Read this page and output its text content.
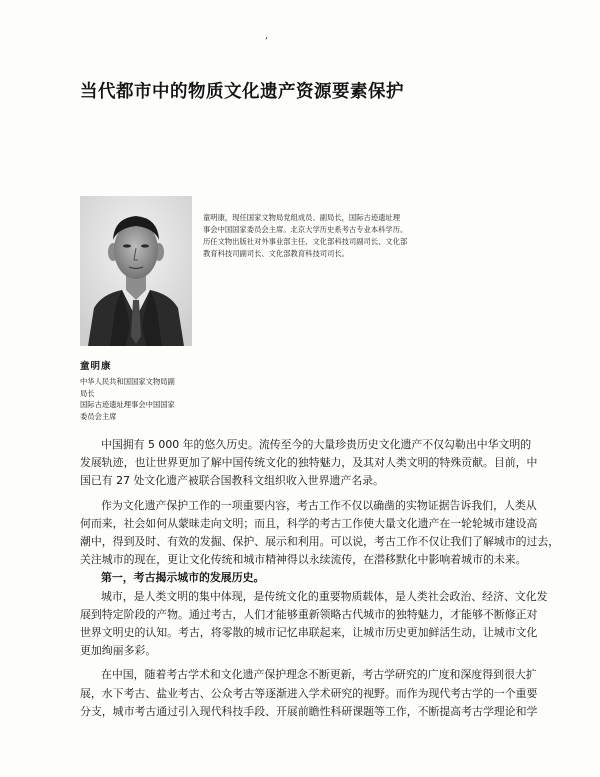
‚
当代都市中的物质文化遗产资源要素保护

童明康，现任国家文物局党组成员、副局长，国际古迹遗址理

事会中国国家委员会主席。北京大学历史系考古专业本科学历。

历任文物出版社对外事业部主任、文化部科技司副司长、文化部

教育科技司副司长、文化部教育科技司司长。

童明康

中华人民共和国国家文物局副

局长

国际古迹遗址理事会中国国家

委员会主席

中国拥有 5 000 年的悠久历史。流传至今的大量珍贵历史文化遗产不仅勾勒出中华文明的

发展轨迹，也让世界更加了解中国传统文化的独特魅力，及其对人类文明的特殊贡献。目前，中

国已有 27 处文化遗产被联合国教科文组织收入世界遗产名录。

作为文化遗产保护工作的一项重要内容，考古工作不仅以确凿的实物证据告诉我们，人类从

何而来，社会如何从蒙昧走向文明；而且，科学的考古工作使大量文化遗产在一轮轮城市建设高

潮中，得到及时、有效的发掘、保护、展示和利用。可以说，考古工作不仅让我们了解城市的过去，

关注城市的现在，更让文化传统和城市精神得以永续流传，在潜移默化中影响着城市的未来。

第一，考古揭示城市的发展历史。

城市，是人类文明的集中体现，是传统文化的重要物质载体，是人类社会政治、经济、文化发

展到特定阶段的产物。通过考古，人们才能够重新领略古代城市的独特魅力，才能够不断修正对

世界文明史的认知。考古，将零散的城市记忆串联起来，让城市历史更加鲜活生动，让城市文化

更加绚丽多彩。

在中国，随着考古学术和文化遗产保护理念不断更新，考古学研究的广度和深度得到很大扩

展，水下考古、盐业考古、公众考古等逐渐进入学术研究的视野。而作为现代考古学的一个重要

分支，城市考古通过引入现代科技手段、开展前瞻性科研课题等工作，不断提高考古学理论和学
